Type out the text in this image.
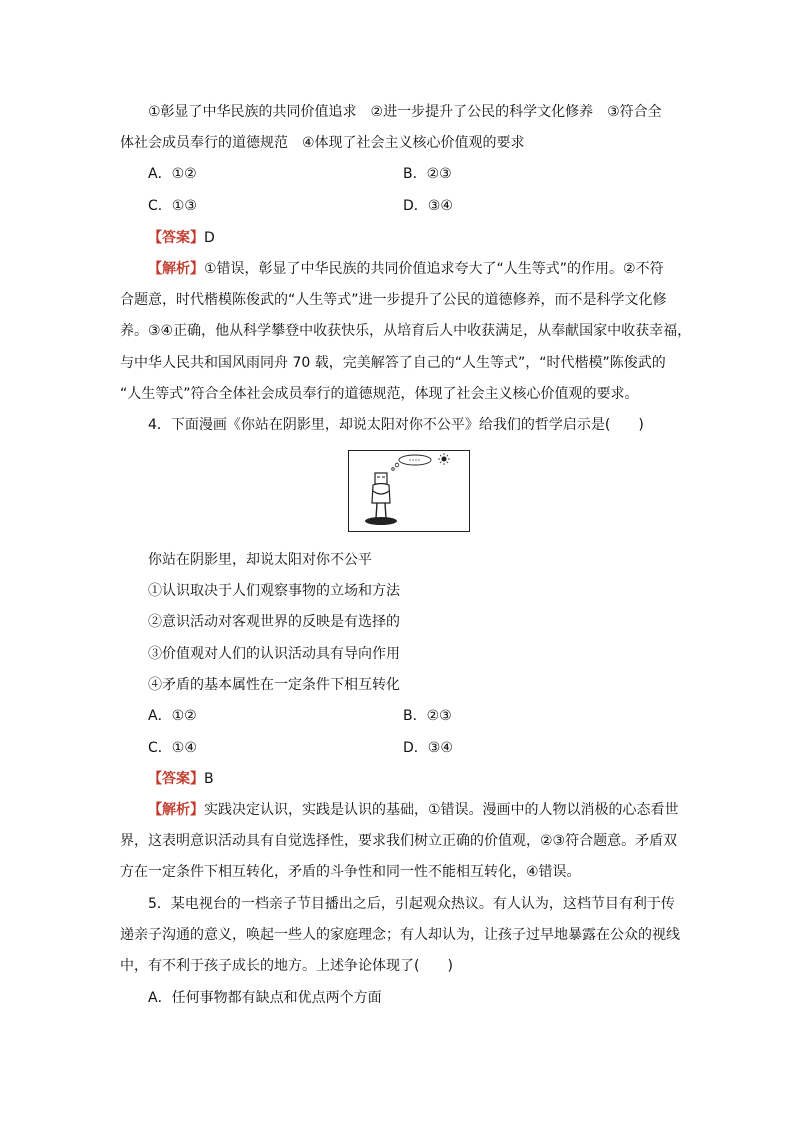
①彰显了中华民族的共同价值追求　②进一步提升了公民的科学文化修养　③符合全
体社会成员奉行的道德规范　④体现了社会主义核心价值观的要求
A．①②	B．②③
C．①③	D．③④
【答案】D
【解析】①错误，彰显了中华民族的共同价值追求夸大了“人生等式”的作用。②不符
合题意，时代楷模陈俊武的“人生等式”进一步提升了公民的道德修养，而不是科学文化修
养。③④正确，他从科学攀登中收获快乐，从培育后人中收获满足，从奉献国家中收获幸福，
与中华人民共和国风雨同舟 70 载，完美解答了自己的“人生等式”，“时代楷模”陈俊武的
“人生等式”符合全体社会成员奉行的道德规范，体现了社会主义核心价值观的要求。
4．下面漫画《你站在阴影里，却说太阳对你不公平》给我们的哲学启示是(　　)
你站在阴影里，却说太阳对你不公平
①认识取决于人们观察事物的立场和方法
②意识活动对客观世界的反映是有选择的
③价值观对人们的认识活动具有导向作用
④矛盾的基本属性在一定条件下相互转化
A．①②	B．②③
C．①④	D．③④
【答案】B
【解析】实践决定认识，实践是认识的基础，①错误。漫画中的人物以消极的心态看世
界，这表明意识活动具有自觉选择性，要求我们树立正确的价值观，②③符合题意。矛盾双
方在一定条件下相互转化，矛盾的斗争性和同一性不能相互转化，④错误。
5．某电视台的一档亲子节目播出之后，引起观众热议。有人认为，这档节目有利于传
递亲子沟通的意义，唤起一些人的家庭理念；有人却认为，让孩子过早地暴露在公众的视线
中，有不利于孩子成长的地方。上述争论体现了(　　)
A．任何事物都有缺点和优点两个方面
